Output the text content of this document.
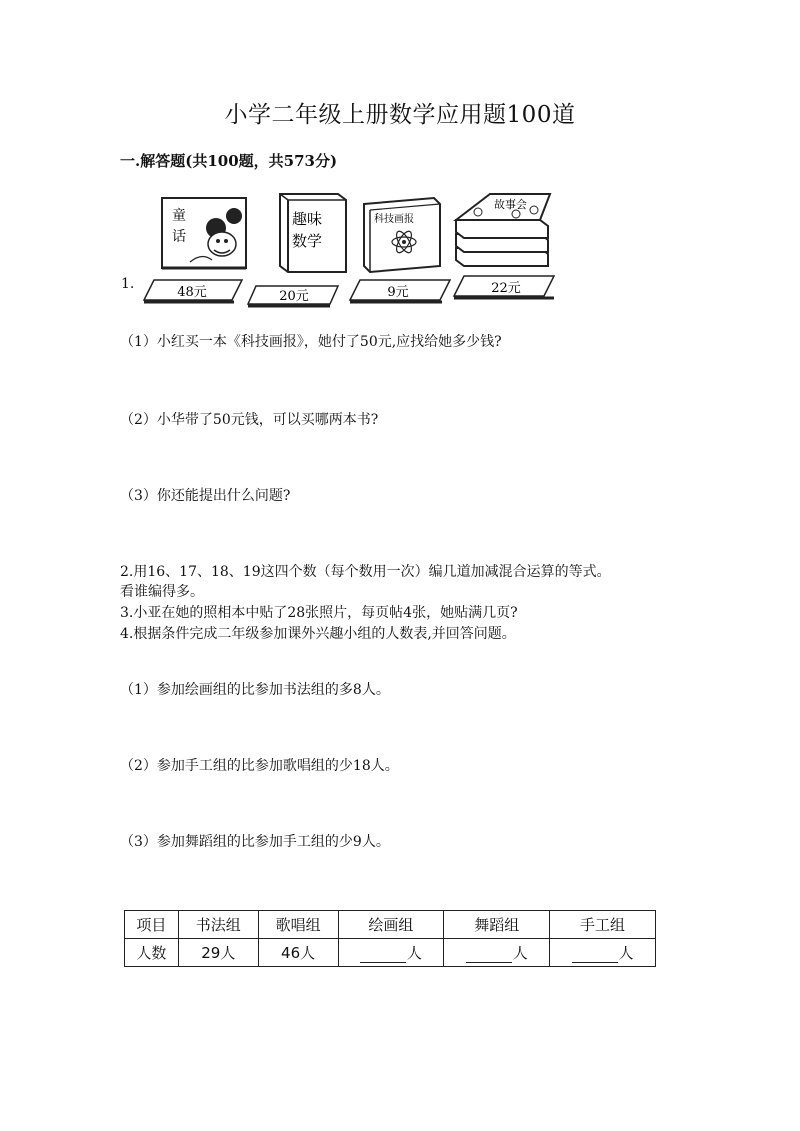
小学二年级上册数学应用题100道
一.解答题(共100题，共573分)
1.
童
话
趣味
数学
科技画报
故事会
48元	20元	9元	22元
（1）小红买一本《科技画报》，她付了50元,应找给她多少钱?
（2）小华带了50元钱，可以买哪两本书?
（3）你还能提出什么问题?
2.用16、17、18、19这四个数（每个数用一次）编几道加减混合运算的等式。
看谁编得多。
3.小亚在她的照相本中贴了28张照片，每页帖4张，她贴满几页?
4.根据条件完成二年级参加课外兴趣小组的人数表,并回答问题。
（1）参加绘画组的比参加书法组的多8人。
（2）参加手工组的比参加歌唱组的少18人。
（3）参加舞蹈组的比参加手工组的少9人。
项目	书法组	歌唱组	绘画组	舞蹈组	手工组
人数	29人	46人	人	人	人
